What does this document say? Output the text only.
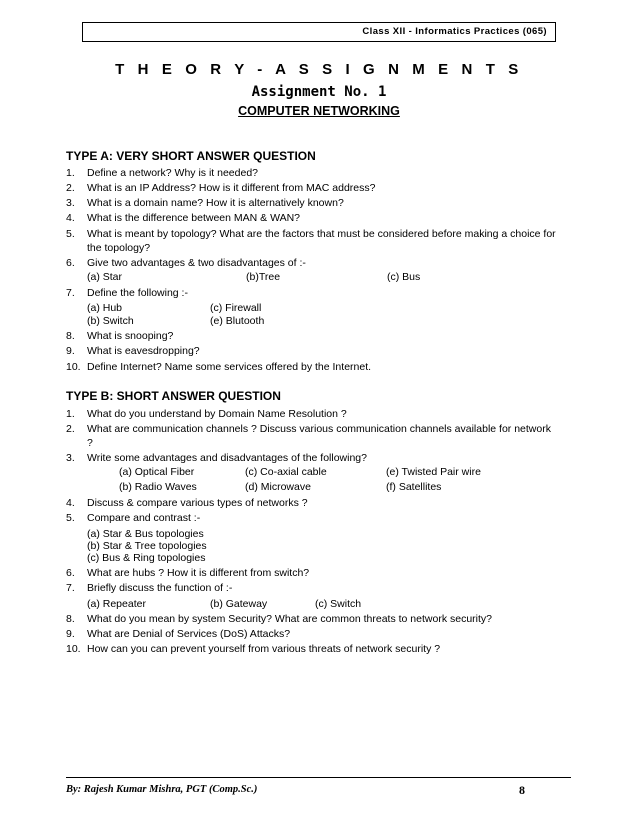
Class XII - Informatics Practices (065)
T H E O R Y - A S S I G N M E N T S
Assignment No. 1
COMPUTER NETWORKING
TYPE A: VERY SHORT ANSWER QUESTION
1. Define a network? Why is it needed?
2. What is an IP Address? How is it different from MAC address?
3. What is a domain name? How it is alternatively known?
4. What is the difference between MAN & WAN?
5. What is meant by topology? What are the factors that must be considered before making a choice for
the topology?
6. Give two advantages & two disadvantages of :-
(a) Star	(b)Tree	(c) Bus
7. Define the following :-
(a) Hub	(c) Firewall
(b) Switch	(e) Blutooth
8. What is snooping?
9. What is eavesdropping?
10. Define Internet? Name some services offered by the Internet.
TYPE B: SHORT ANSWER QUESTION
1. What do you understand by Domain Name Resolution ?
2. What are communication channels ? Discuss various communication channels available for network
?
3. Write some advantages and disadvantages of the following?
(a) Optical Fiber	(c) Co-axial cable	(e) Twisted Pair wire
(b) Radio Waves	(d) Microwave	(f) Satellites
4. Discuss & compare various types of networks ?
5. Compare and contrast :-
(a) Star & Bus topologies
(b) Star & Tree topologies
(c) Bus & Ring topologies
6. What are hubs ? How it is different from switch?
7. Briefly discuss the function of :-
(a) Repeater	(b) Gateway	(c) Switch
8. What do you mean by system Security? What are common threats to network security?
9. What are Denial of Services (DoS) Attacks?
10. How can you can prevent yourself from various threats of network security ?
By: Rajesh Kumar Mishra, PGT (Comp.Sc.)	8
